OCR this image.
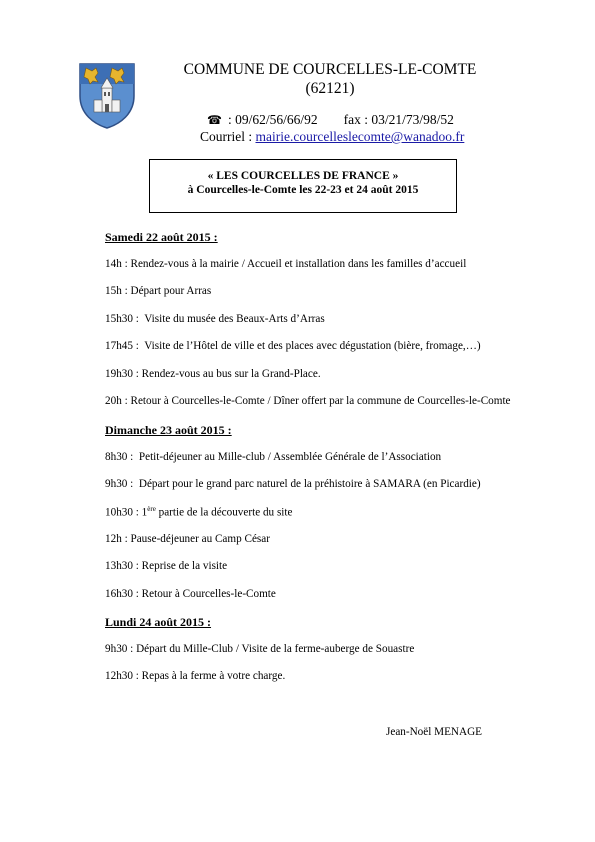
COMMUNE DE COURCELLES-LE-COMTE
(62121)
☎ : 09/62/56/66/92 fax : 03/21/73/98/52
Courriel : mairie.courcelleslecomte@wanadoo.fr
« LES COURCELLES DE FRANCE »
à Courcelles-le-Comte les 22-23 et 24 août 2015
Samedi 22 août 2015 :
14h : Rendez-vous à la mairie / Accueil et installation dans les familles d’accueil
15h : Départ pour Arras
15h30 :  Visite du musée des Beaux-Arts d’Arras
17h45 :  Visite de l’Hôtel de ville et des places avec dégustation (bière, fromage,…)
19h30 : Rendez-vous au bus sur la Grand-Place.
20h : Retour à Courcelles-le-Comte / Dîner offert par la commune de Courcelles-le-Comte
Dimanche 23 août 2015 :
8h30 :  Petit-déjeuner au Mille-club / Assemblée Générale de l’Association
9h30 :  Départ pour le grand parc naturel de la préhistoire à SAMARA (en Picardie)
10h30 : 1ère partie de la découverte du site
12h : Pause-déjeuner au Camp César
13h30 : Reprise de la visite
16h30 : Retour à Courcelles-le-Comte
Lundi 24 août 2015 :
9h30 : Départ du Mille-Club / Visite de la ferme-auberge de Souastre
12h30 : Repas à la ferme à votre charge.
Jean-Noël MENAGE
